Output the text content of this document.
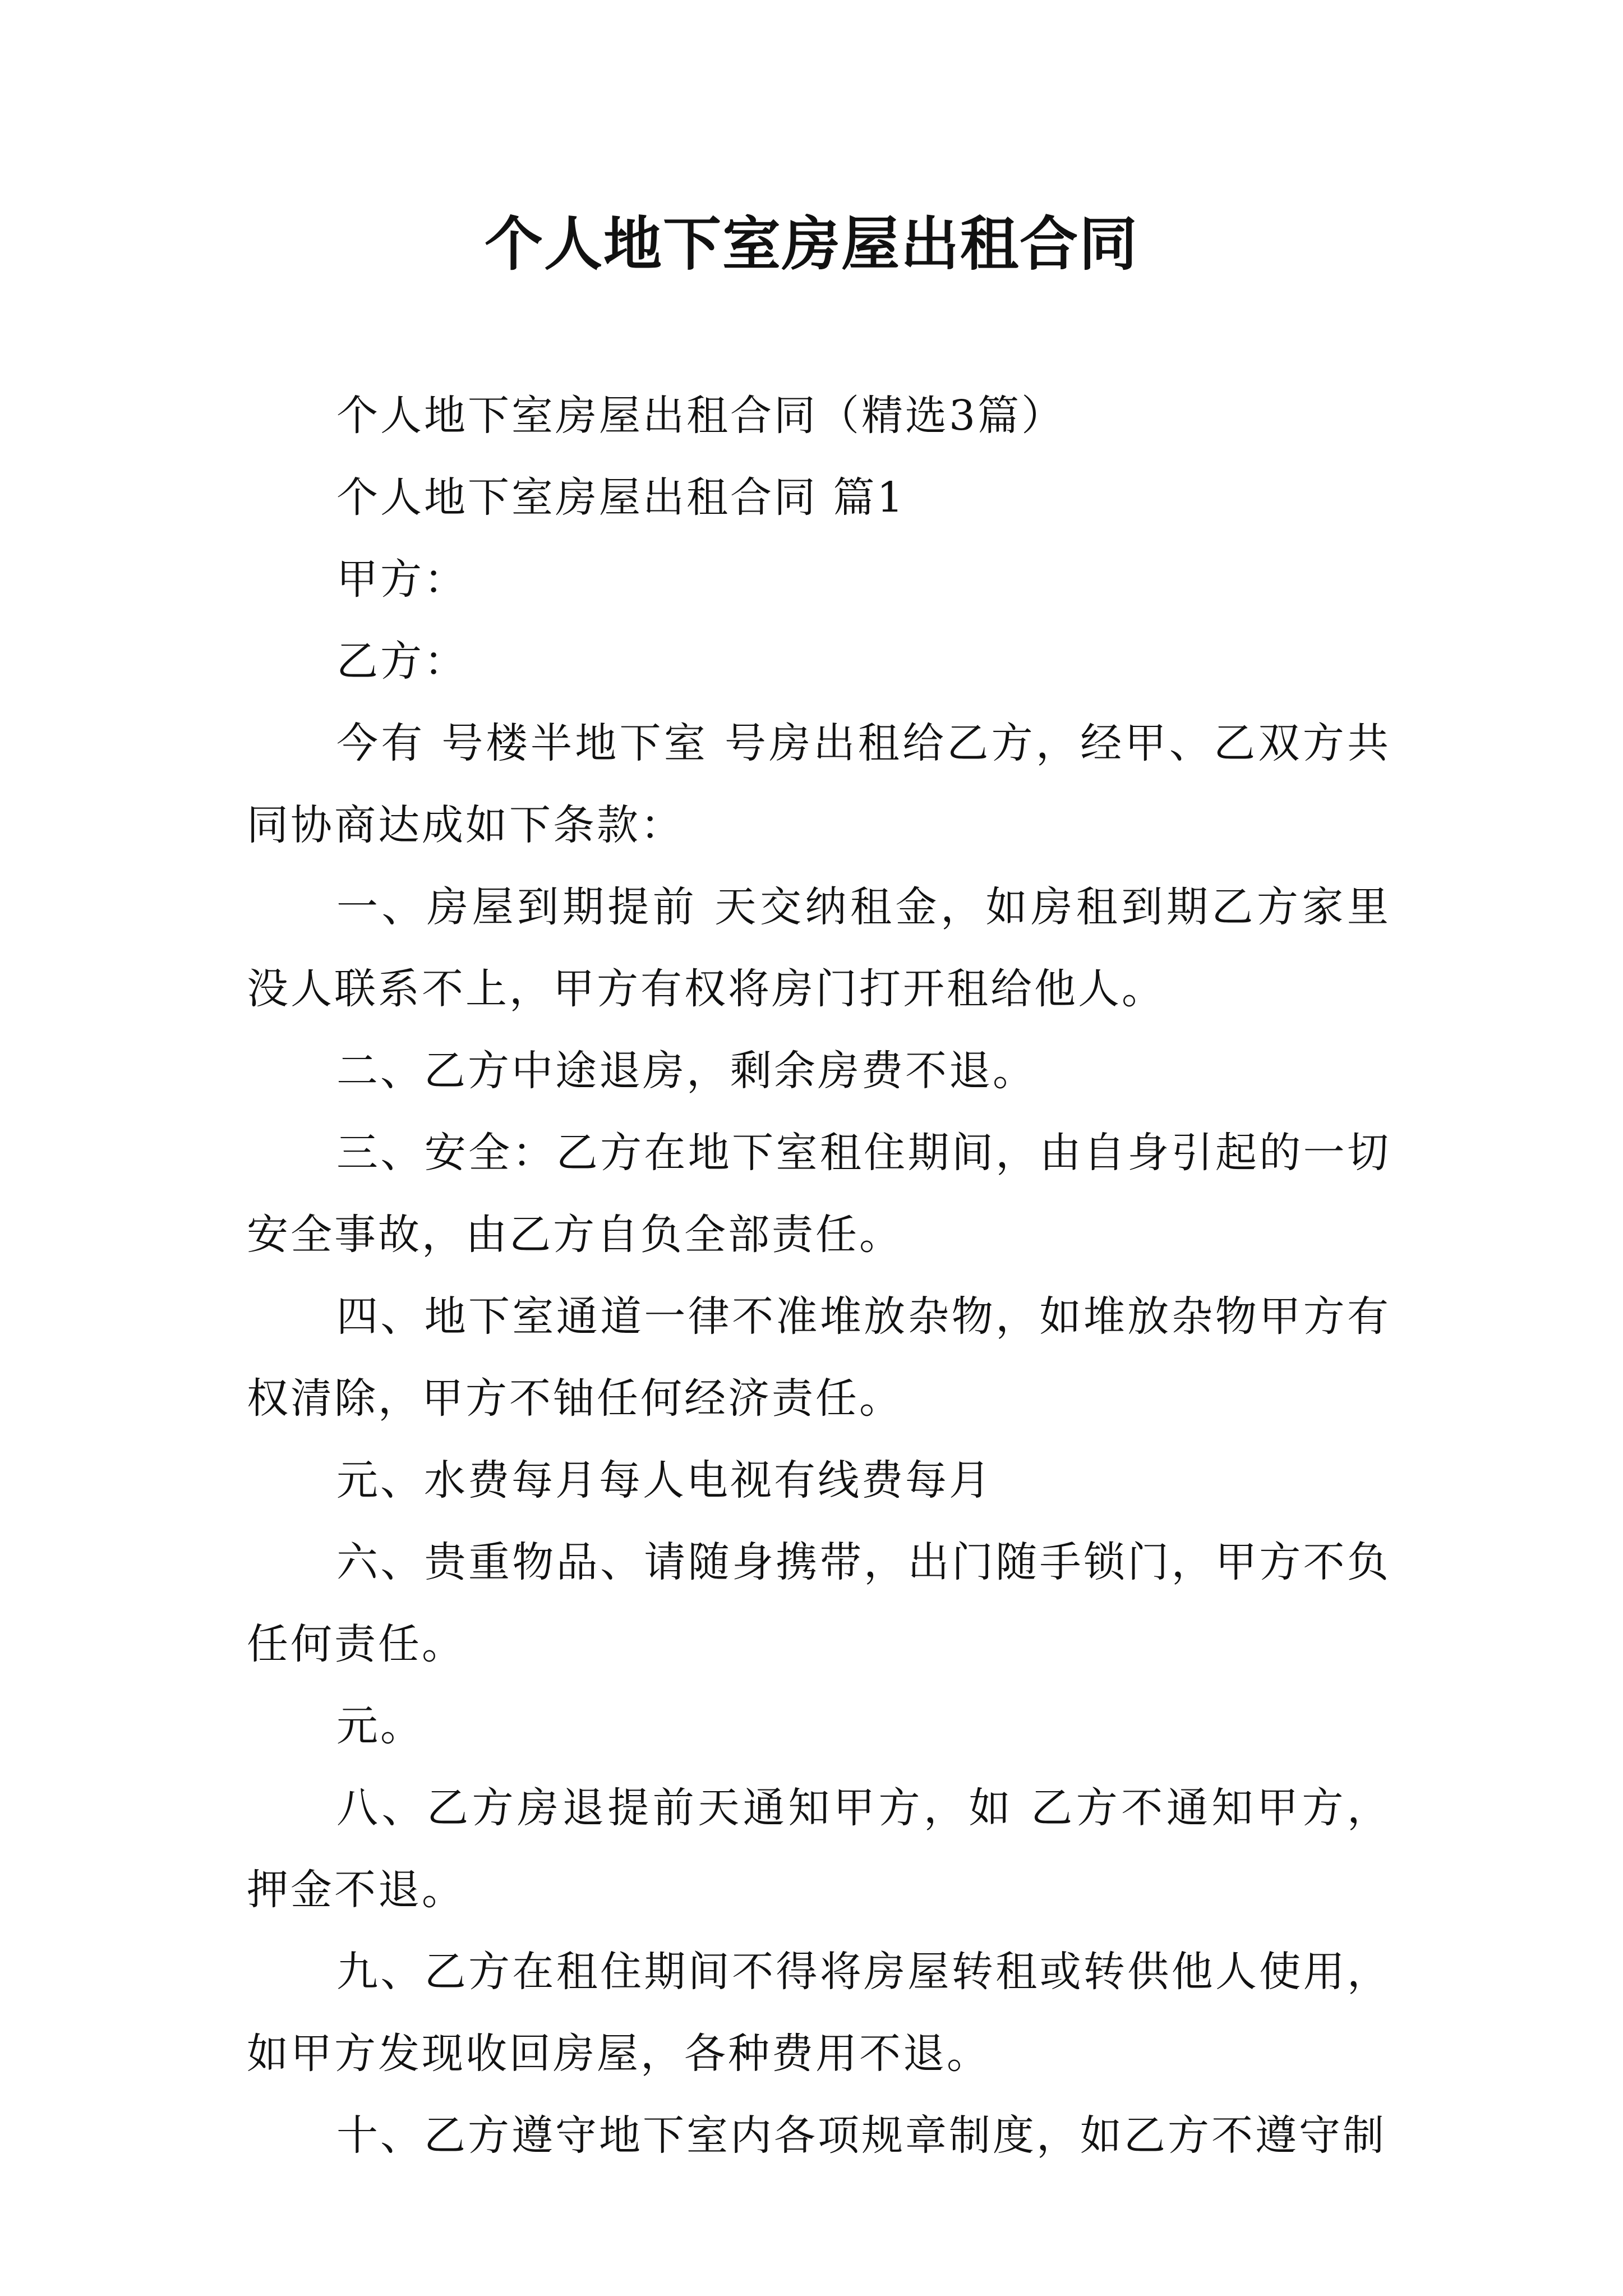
个人地下室房屋出租合同

个人地下室房屋出租合同（精选3篇）

个人地下室房屋出租合同 篇1

甲方：

乙方：

今有 号楼半地下室 号房出租给乙方，经甲、乙双方共同协商达成如下条款：

一、房屋到期提前 天交纳租金，如房租到期乙方家里没人联系不上，甲方有权将房门打开租给他人。

二、乙方中途退房，剩余房费不退。

三、安全：乙方在地下室租住期间，由自身引起的一切安全事故，由乙方自负全部责任。

四、地下室通道一律不准堆放杂物，如堆放杂物甲方有权清除，甲方不铀任何经济责任。

元、水费每月每人电视有线费每月

六、贵重物品、请随身携带，出门随手锁门，甲方不负任何责任。

元。

八、乙方房退提前天通知甲方，如 乙方不通知甲方，押金不退。

九、乙方在租住期间不得将房屋转租或转供他人使用，如甲方发现收回房屋，各种费用不退。

十、乙方遵守地下室内各项规章制度，如乙方不遵守制
